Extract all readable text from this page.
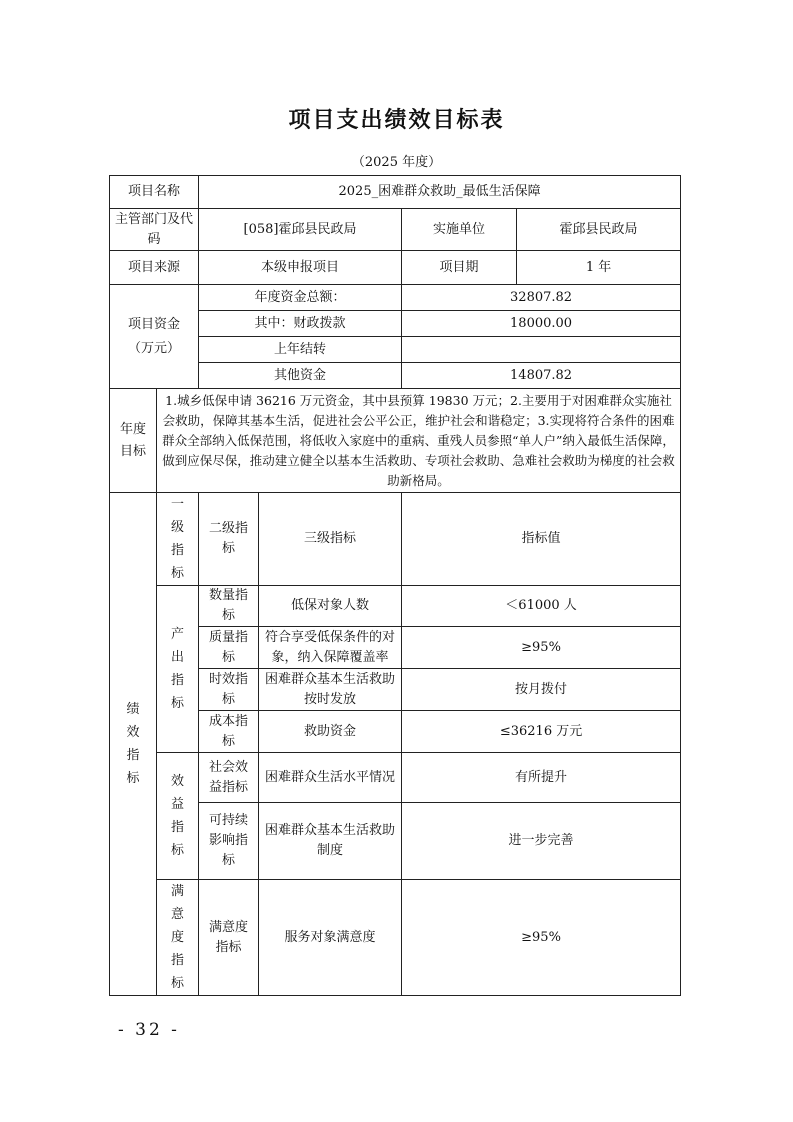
项目支出绩效目标表
（2025 年度）
项目名称		2025_困难群众救助_最低生活保障			
主管部门及代码		[058]霍邱县民政局		实施单位	霍邱县民政局
项目来源		本级申报项目		项目期	1 年

项目资金（万元）		年度资金总额：		32807.82	
		其中：财政拨款		18000.00	
		上年结转			
		其他资金		14807.82	

年度目标	1.城乡低保申请 36216 万元资金，其中县预算 19830 万元；2.主要用于对困难群众实施社会救助，保障其基本生活，促进社会公平公正，维护社会和谐稳定；3.实现将符合条件的困难群众全部纳入低保范围，将低收入家庭中的重病、重残人员参照“单人户”纳入最低生活保障，做到应保尽保，推动建立健全以基本生活救助、专项社会救助、急难社会救助为梯度的社会救助新格局。				
绩效指标	一级指标	二级指标	三级指标	指标值	
	产出指标	数量指标	低保对象人数	＜61000 人	
		质量指标	符合享受低保条件的对象，纳入保障覆盖率	≥95%	
		时效指标	困难群众基本生活救助按时发放	按月拨付	
		成本指标	救助资金	≤36216 万元	
	效益指标	社会效益指标	困难群众生活水平情况	有所提升	
		可持续影响指标	困难群众基本生活救助制度	进一步完善	
	满意度指标	满意度指标	服务对象满意度	≥95%	
- 32 -
